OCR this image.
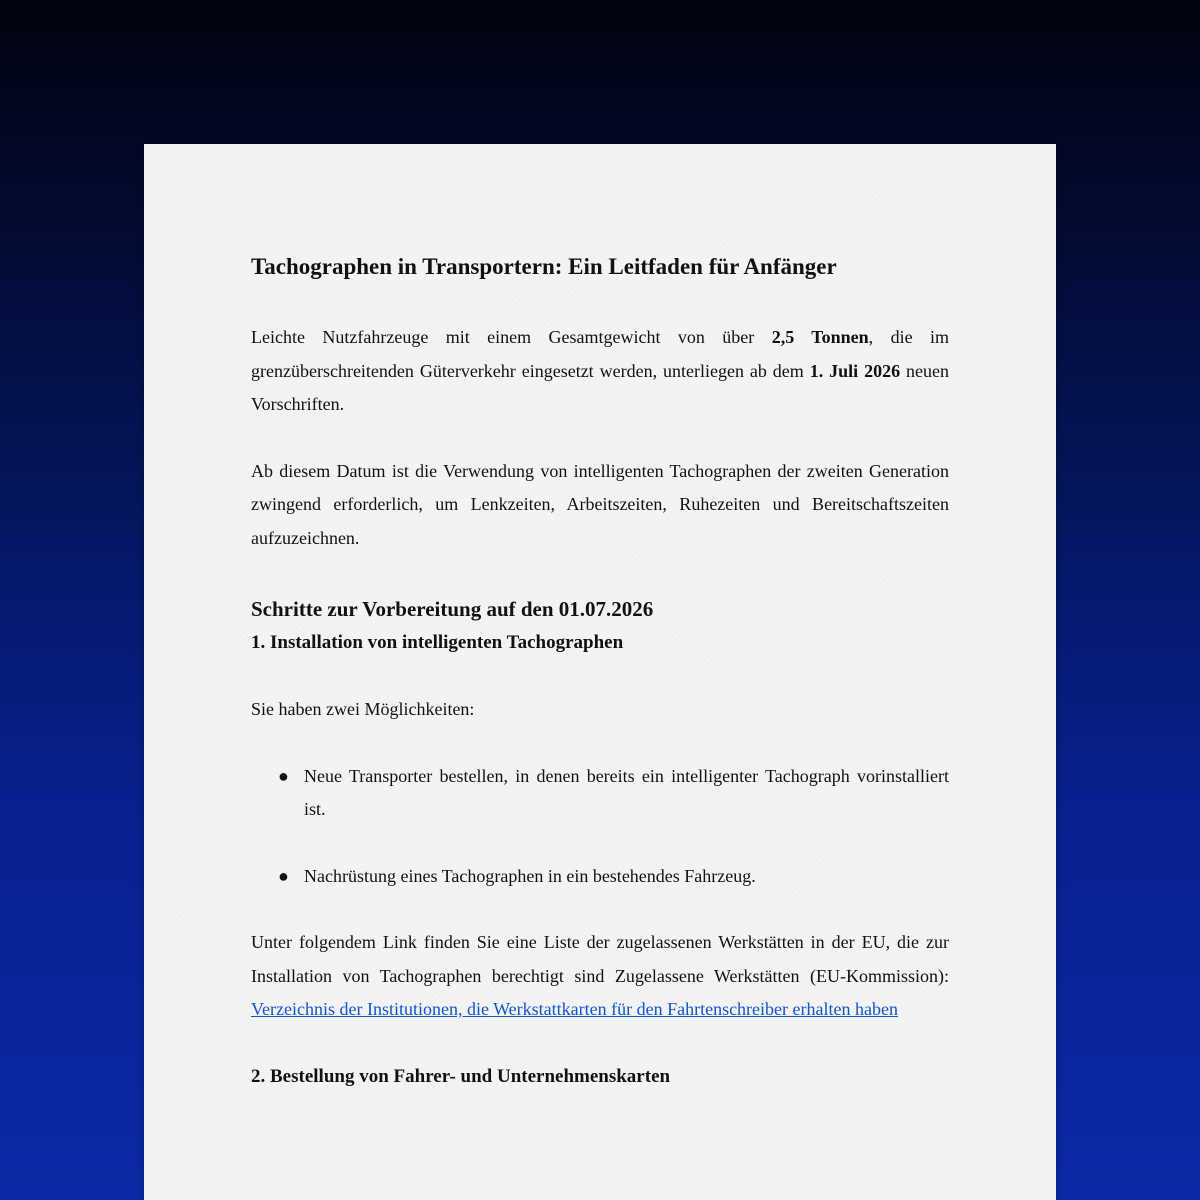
Tachographen in Transportern: Ein Leitfaden für Anfänger

Leichte Nutzfahrzeuge mit einem Gesamtgewicht von über 2,5 Tonnen, die im grenzüberschreitenden Güterverkehr eingesetzt werden, unterliegen ab dem 1. Juli 2026 neuen Vorschriften.

Ab diesem Datum ist die Verwendung von intelligenten Tachographen der zweiten Generation zwingend erforderlich, um Lenkzeiten, Arbeitszeiten, Ruhezeiten und Bereitschaftszeiten aufzuzeichnen.

Schritte zur Vorbereitung auf den 01.07.2026
1. Installation von intelligenten Tachographen

Sie haben zwei Möglichkeiten:

● Neue Transporter bestellen, in denen bereits ein intelligenter Tachograph vorinstalliert ist.
● Nachrüstung eines Tachographen in ein bestehendes Fahrzeug.

Unter folgendem Link finden Sie eine Liste der zugelassenen Werkstätten in der EU, die zur Installation von Tachographen berechtigt sind Zugelassene Werkstätten (EU-Kommission): Verzeichnis der Institutionen, die Werkstattkarten für den Fahrtenschreiber erhalten haben

2. Bestellung von Fahrer- und Unternehmenskarten
